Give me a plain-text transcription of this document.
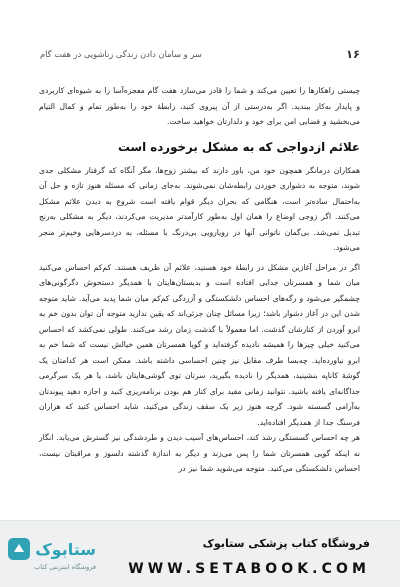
۱۶
سر و سامان دادن زندگی زناشویی در هفت گام

چیستی راهکارها را تعیین می‌کند و شما را قادر می‌سازد هفت گام معجزه‌آسا را به شیوه‌ای کاربردی و پایدار به‌کار ببندید. اگر به‌درستی از آن پیروی کنید، رابطهٔ خود را به‌طور تمام و کمال التیام می‌بخشید و فضایی امن برای خود و دلدارتان خواهید ساخت.

علائم ازدواجی که به مشکل برخورده است

همکاران درمانگر همچون خود من، باور دارند که بیشتر زوج‌ها، مگر آنگاه که گرفتار مشکلی جدی شوند، متوجه به دشواری خوردن رابطه‌شان نمی‌شوند. به‌جای زمانی که مسئله هنوز تازه و حل آن به‌احتمال ساده‌تر است، هنگامی که بحران دیگر قوام یافته است شروع به دیدن علائم مشکل می‌کنند. اگر زوجی اوضاع را همان اول به‌طور کارآمدتر مدیریت می‌کردند، دیگر به مشکلی به‌رنج تبدیل نمی‌شد. بی‌گمان ناتوانی آنها در رویارویی بی‌درنگ با مسئله، به دردسرهایی وخیم‌تر منجر می‌شود.

اگر در مراحل آغازین مشکل در رابطهٔ خود هستید، علائم آن ظریف هستند. کم‌کم احساس می‌کنید میان شما و همسرتان جدایی افتاده است و بدبستان‌هایتان با همدیگر دستخوش دگرگونی‌های چشمگیر می‌شود و رگه‌های احساس دلشکستگی و آزردگی کم‌کم میان شما پدید می‌آید. شاید متوجه شدن این در آغاز دشوار باشد؛ زیرا مسائل چنان جزئی‌اند که یقین ندارید متوجه آن توان بدون خم به ابرو آوردن از کنارشان گذشت. اما معمولاً با گذشت زمان رشد می‌کنند. طولی نمی‌کشد که احساس می‌کنید خیلی چیزها را همیشه نادیده گرفته‌اید و گویا همسرتان همین خیالش نیست که شما خم به ابرو نیاورده‌اید. چه‌بسا طرف مقابل نیز چنین احساسی داشته باشد. ممکن است هر کدامتان یک گوشهٔ کاناپه بنشینید، همدیگر را نادیده بگیرید، سرتان توی گوشی‌هایتان باشد، یا هر یک سرگرمی جداگانه‌ای یافته باشید. نتوانید زمانی مفید برای کنار هم بودن برنامه‌ریزی کنید و اجازه دهید پیوندتان به‌آرامی گسسته شود. گرچه هنوز زیر یک سقف زندگی می‌کنید، شاید احساس کنید که هزاران فرسنگ جدا از همدیگر افتاده‌اید.

هر چه احساس گسستگی رشد کند، احساس‌های آسیب دیدن و طردشدگی نیز گسترش می‌یابد. انگار نه اینکه گویی همسرتان شما را پس می‌زند و دیگر به اندازهٔ گذشته دلسوز و مراقبتان نیست، احساس دلشکستگی می‌کنید. متوجه می‌شوید شما نیز در

ستابوک
فروشگاه اینترنتی کتاب
فروشگاه کتاب پزشکی ستابوک
WWW.SETABOOK.COM
